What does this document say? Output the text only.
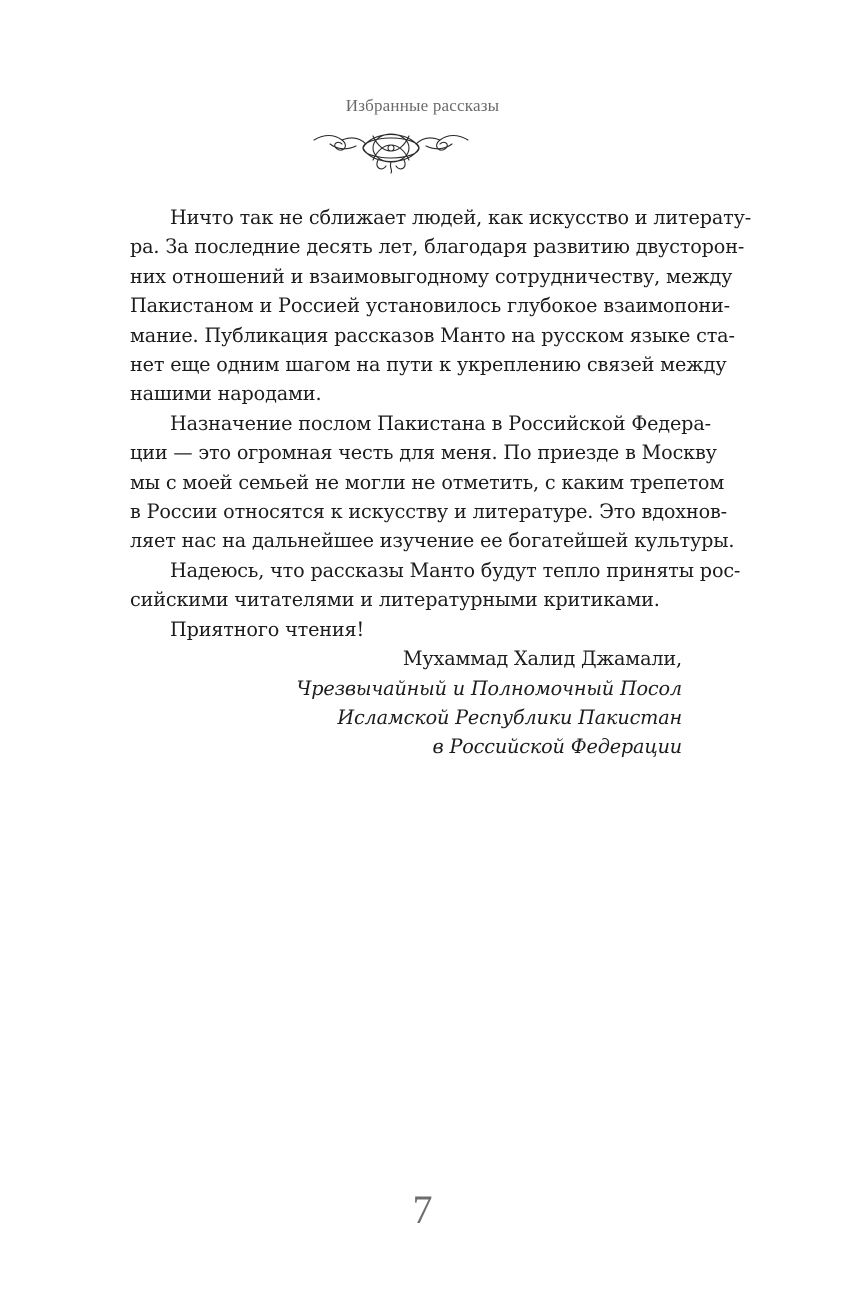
Избранные рассказы

Ничто так не сближает людей, как искусство и литерату-
ра. За последние десять лет, благодаря развитию двусторон-
них отношений и взаимовыгодному сотрудничеству, между
Пакистаном и Россией установилось глубокое взаимопони-
мание. Публикация рассказов Манто на русском языке ста-
нет еще одним шагом на пути к укреплению связей между
нашими народами.

Назначение послом Пакистана в Российской Федера-
ции — это огромная честь для меня. По приезде в Москву
мы с моей семьей не могли не отметить, с каким трепетом
в России относятся к искусству и литературе. Это вдохнов-
ляет нас на дальнейшее изучение ее богатейшей культуры.

Надеюсь, что рассказы Манто будут тепло приняты рос-
сийскими читателями и литературными критиками.

Приятного чтения!

Мухаммад Халид Джамали,
Чрезвычайный и Полномочный Посол
Исламской Республики Пакистан
в Российской Федерации
7
